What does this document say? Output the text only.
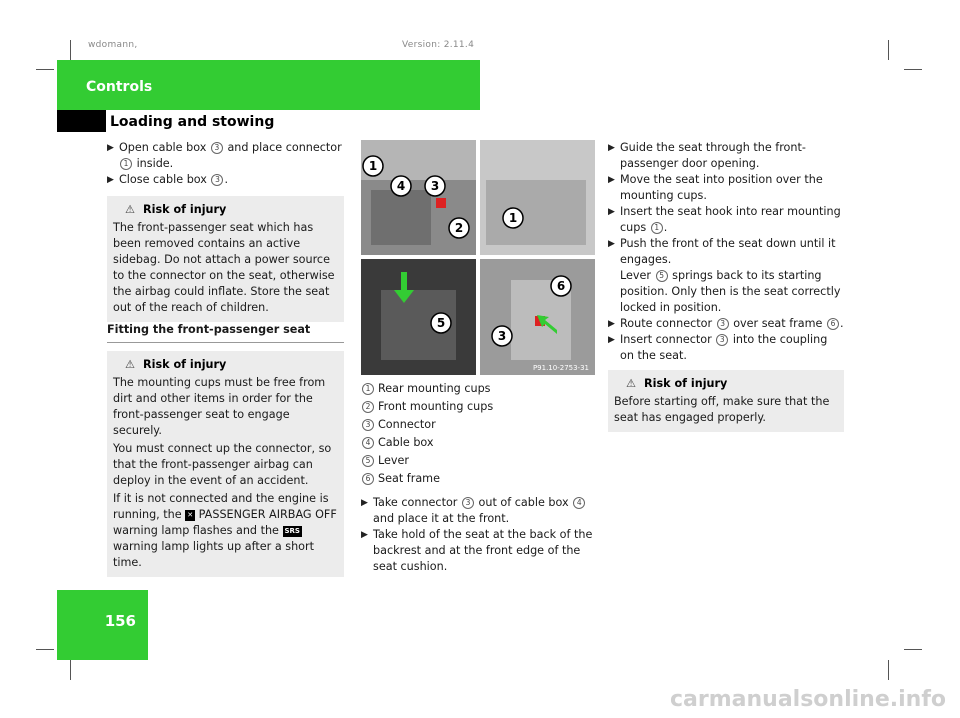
wdomann,	Version: 2.11.4
Controls
Loading and stowing
156

▶ Open cable box 3 and place connector
1 inside.

▶ Close cable box 3 .

⚠ Risk of injury

The front-passenger seat which has been removed contains an active sidebag. Do not attach a power source to the connector on the seat, otherwise the airbag could inflate. Store the seat out of the reach of children.

Fitting the front-passenger seat

⚠ Risk of injury

The mounting cups must be free from dirt and other items in order for the front-passenger seat to engage securely.

You must connect up the connector, so that the front-passenger airbag can deploy in the event of an accident.

If it is not connected and the engine is running, the ✕ PASSENGER AIRBAG OFF warning lamp flashes and the SRS warning lamp lights up after a short time.

1
4 3
2
1
5
3
6
P91.10-2753-31
1 Rear mounting cups
2 Front mounting cups
3 Connector
4 Cable box
5 Lever
6 Seat frame

▶ Take connector 3 out of cable box 4 and place it at the front.

▶ Take hold of the seat at the back of the backrest and at the front edge of the seat cushion.

▶ Guide the seat through the front-passenger door opening.

▶ Move the seat into position over the mounting cups.

▶ Insert the seat hook into rear mounting cups 1 .

▶ Push the front of the seat down until it engages.
Lever 5 springs back to its starting position. Only then is the seat correctly locked in position.

▶ Route connector 3 over seat frame 6 .

▶ Insert connector 3 into the coupling on the seat.

⚠ Risk of injury

Before starting off, make sure that the seat has engaged properly.

carmanualsonline.info
